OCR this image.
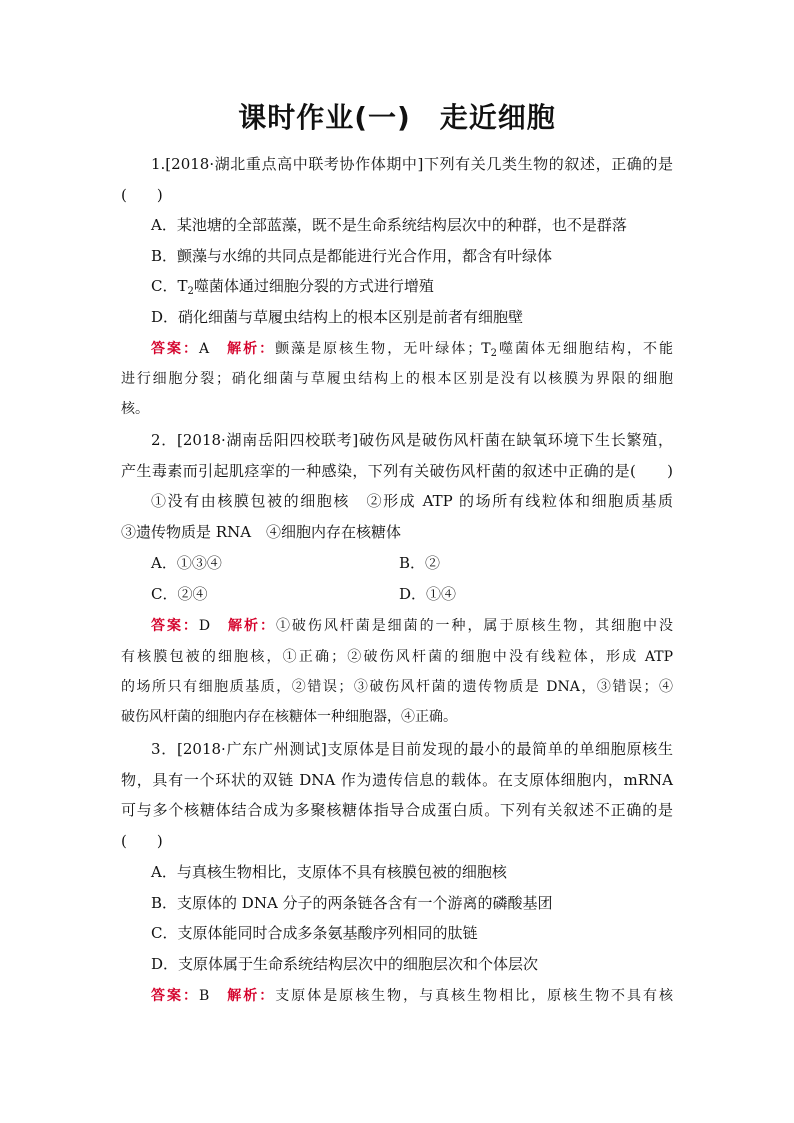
课时作业(一)　走近细胞
1.[2018·湖北重点高中联考协作体期中]下列有关几类生物的叙述，正确的是
(　　)
A．某池塘的全部蓝藻，既不是生命系统结构层次中的种群，也不是群落
B．颤藻与水绵的共同点是都能进行光合作用，都含有叶绿体
C．$T_2$噬菌体通过细胞分裂的方式进行增殖
D．硝化细菌与草履虫结构上的根本区别是前者有细胞壁
答案：A　解析：颤藻是原核生物，无叶绿体；$T_2$噬菌体无细胞结构，不能
进行细胞分裂；硝化细菌与草履虫结构上的根本区别是没有以核膜为界限的细胞
核。
2．[2018·湖南岳阳四校联考]破伤风是破伤风杆菌在缺氧环境下生长繁殖，
产生毒素而引起肌痉挛的一种感染，下列有关破伤风杆菌的叙述中正确的是(　　)
①没有由核膜包被的细胞核　②形成 ATP 的场所有线粒体和细胞质基质
③遗传物质是 RNA　④细胞内存在核糖体
A．①③④	B．②
C．②④	D．①④
答案：D　解析：①破伤风杆菌是细菌的一种，属于原核生物，其细胞中没
有核膜包被的细胞核，①正确；②破伤风杆菌的细胞中没有线粒体，形成 ATP
的场所只有细胞质基质，②错误；③破伤风杆菌的遗传物质是 DNA，③错误；④
破伤风杆菌的细胞内存在核糖体一种细胞器，④正确。
3．[2018·广东广州测试]支原体是目前发现的最小的最简单的单细胞原核生
物，具有一个环状的双链 DNA 作为遗传信息的载体。在支原体细胞内，mRNA
可与多个核糖体结合成为多聚核糖体指导合成蛋白质。下列有关叙述不正确的是
(　　)
A．与真核生物相比，支原体不具有核膜包被的细胞核
B．支原体的 DNA 分子的两条链各含有一个游离的磷酸基团
C．支原体能同时合成多条氨基酸序列相同的肽链
D．支原体属于生命系统结构层次中的细胞层次和个体层次
答案：B　解析：支原体是原核生物，与真核生物相比，原核生物不具有核
